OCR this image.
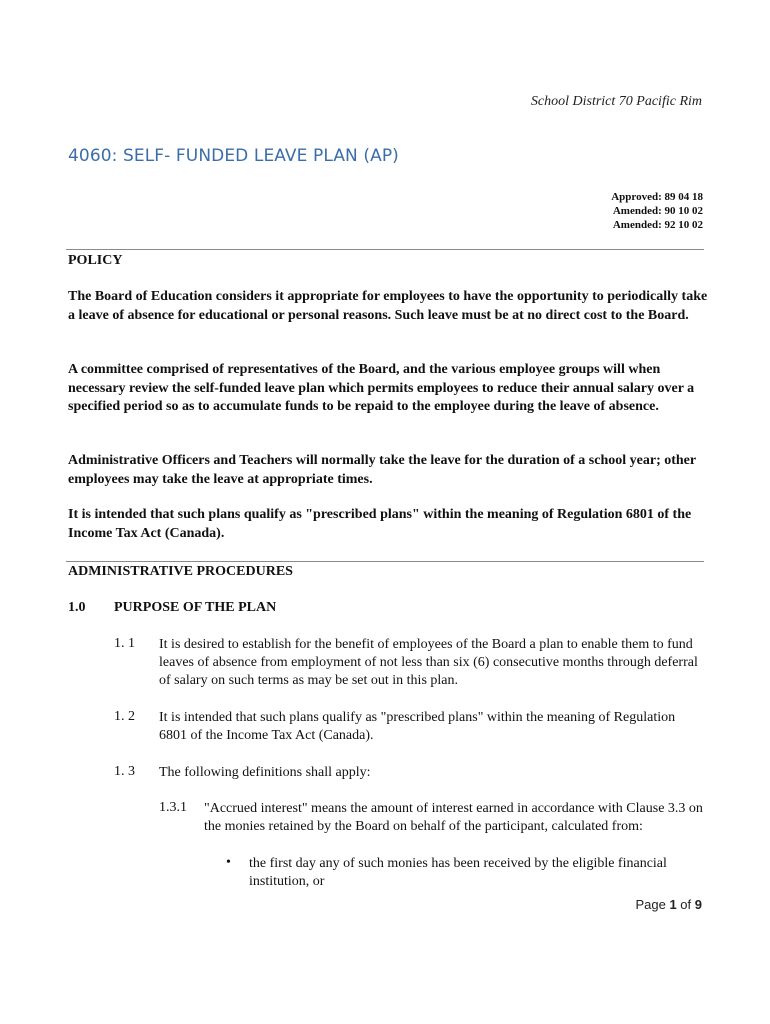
School District 70 Pacific Rim
4060: SELF- FUNDED LEAVE PLAN (AP)
Approved: 89 04 18
Amended: 90 10 02
Amended: 92 10 02
POLICY
The Board of Education considers it appropriate for employees to have the opportunity to periodically take a leave of absence for educational or personal reasons. Such leave must be at no direct cost to the Board.
A committee comprised of representatives of the Board, and the various employee groups will when necessary review the self-funded leave plan which permits employees to reduce their annual salary over a specified period so as to accumulate funds to be repaid to the employee during the leave of absence.
Administrative Officers and Teachers will normally take the leave for the duration of a school year; other employees may take the leave at appropriate times.
It is intended that such plans qualify as "prescribed plans" within the meaning of Regulation 6801 of the Income Tax Act (Canada).
ADMINISTRATIVE PROCEDURES
1.0 PURPOSE OF THE PLAN
1. 1 It is desired to establish for the benefit of employees of the Board a plan to enable them to fund leaves of absence from employment of not less than six (6) consecutive months through deferral of salary on such terms as may be set out in this plan.
1. 2 It is intended that such plans qualify as "prescribed plans" within the meaning of Regulation 6801 of the Income Tax Act (Canada).
1. 3 The following definitions shall apply:
1.3.1 "Accrued interest" means the amount of interest earned in accordance with Clause 3.3 on the monies retained by the Board on behalf of the participant, calculated from:
• the first day any of such monies has been received by the eligible financial institution, or
Page 1 of 9
